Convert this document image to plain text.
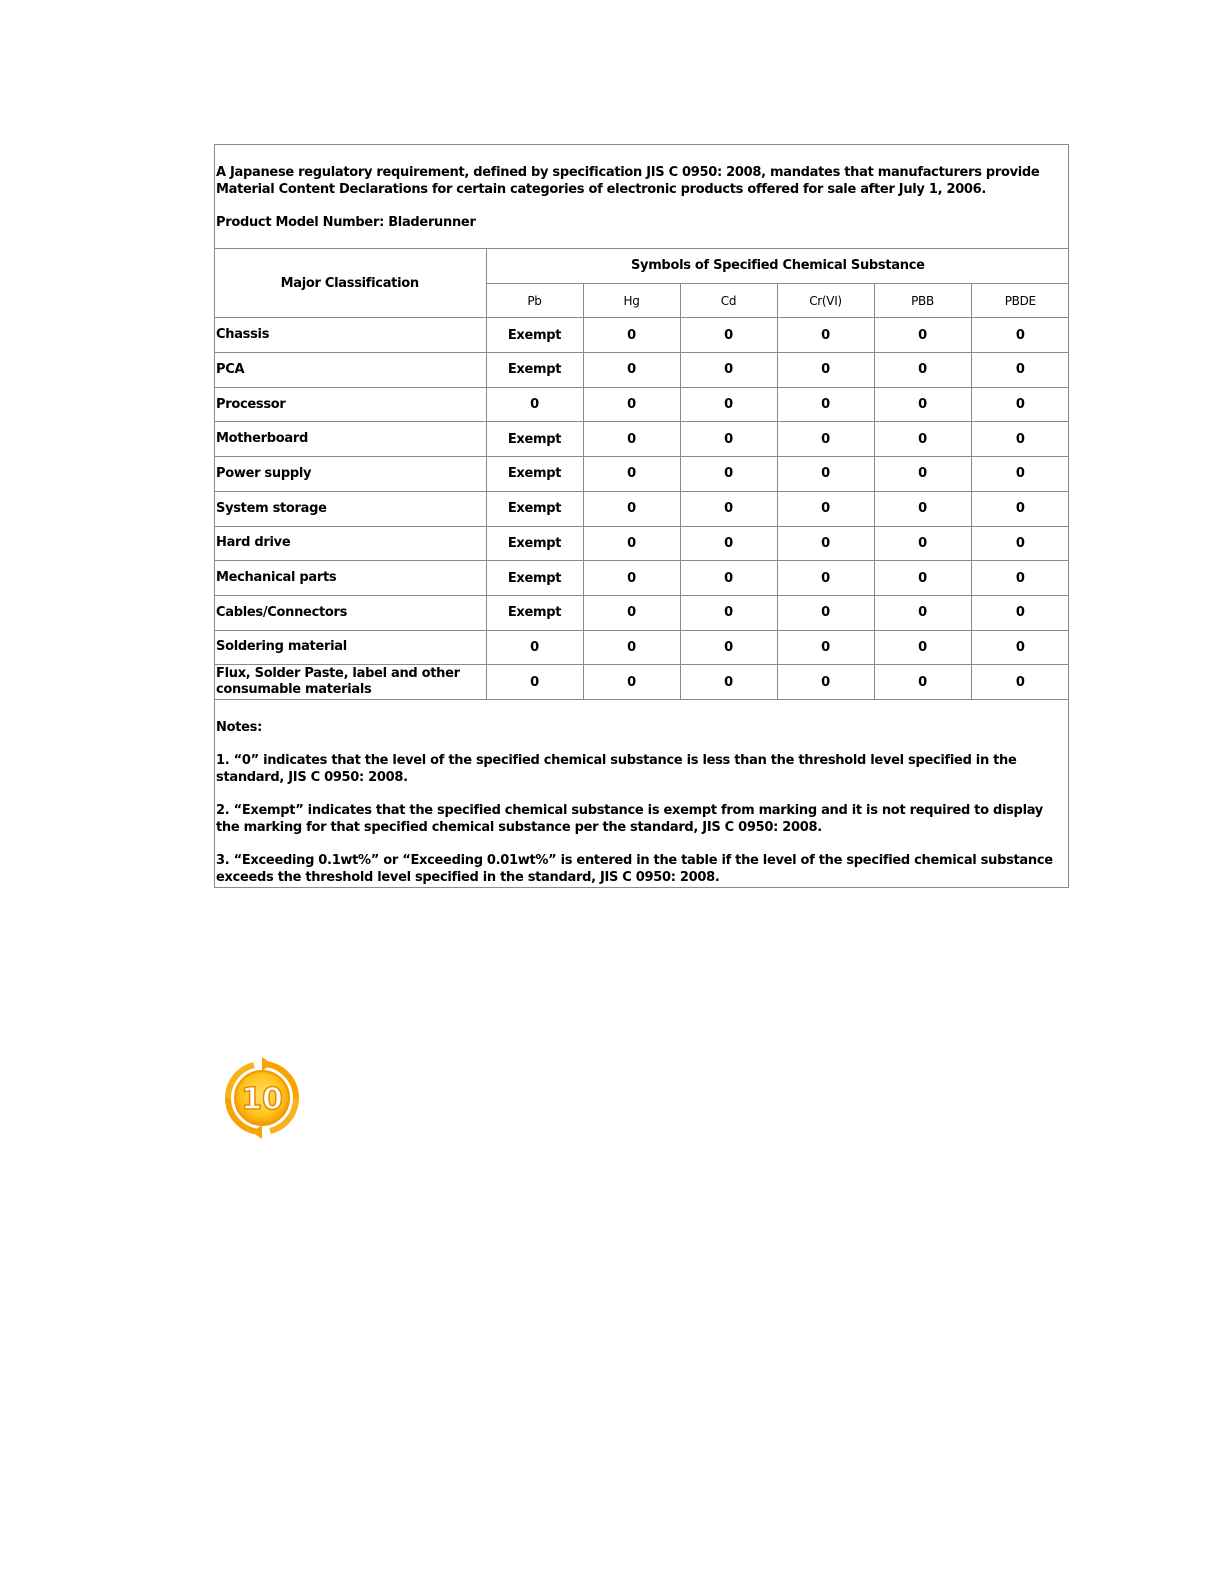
A Japanese regulatory requirement, defined by specification JIS C 0950: 2008, mandates that manufacturers provide Material Content Declarations for certain categories of electronic products offered for sale after July 1, 2006.
Product Model Number: Bladerunner
Major Classification	Symbols of Specified Chemical Substance					
	Pb	Hg	Cd	Cr(VI)	PBB	PBDE
Chassis	Exempt	0	0	0	0	0
PCA	Exempt	0	0	0	0	0
Processor	0	0	0	0	0	0
Motherboard	Exempt	0	0	0	0	0
Power supply	Exempt	0	0	0	0	0
System storage	Exempt	0	0	0	0	0
Hard drive	Exempt	0	0	0	0	0
Mechanical parts	Exempt	0	0	0	0	0
Cables/Connectors	Exempt	0	0	0	0	0
Soldering material	0	0	0	0	0	0
Flux, Solder Paste, label and other consumable materials	0	0	0	0	0	0

Notes:

1. “0” indicates that the level of the specified chemical substance is less than the threshold level specified in the standard, JIS C 0950: 2008.

2. “Exempt” indicates that the specified chemical substance is exempt from marking and it is not required to display the marking for that specified chemical substance per the standard, JIS C 0950: 2008.

3. “Exceeding 0.1wt%” or “Exceeding 0.01wt%” is entered in the table if the level of the specified chemical substance exceeds the threshold level specified in the standard, JIS C 0950: 2008.

10
